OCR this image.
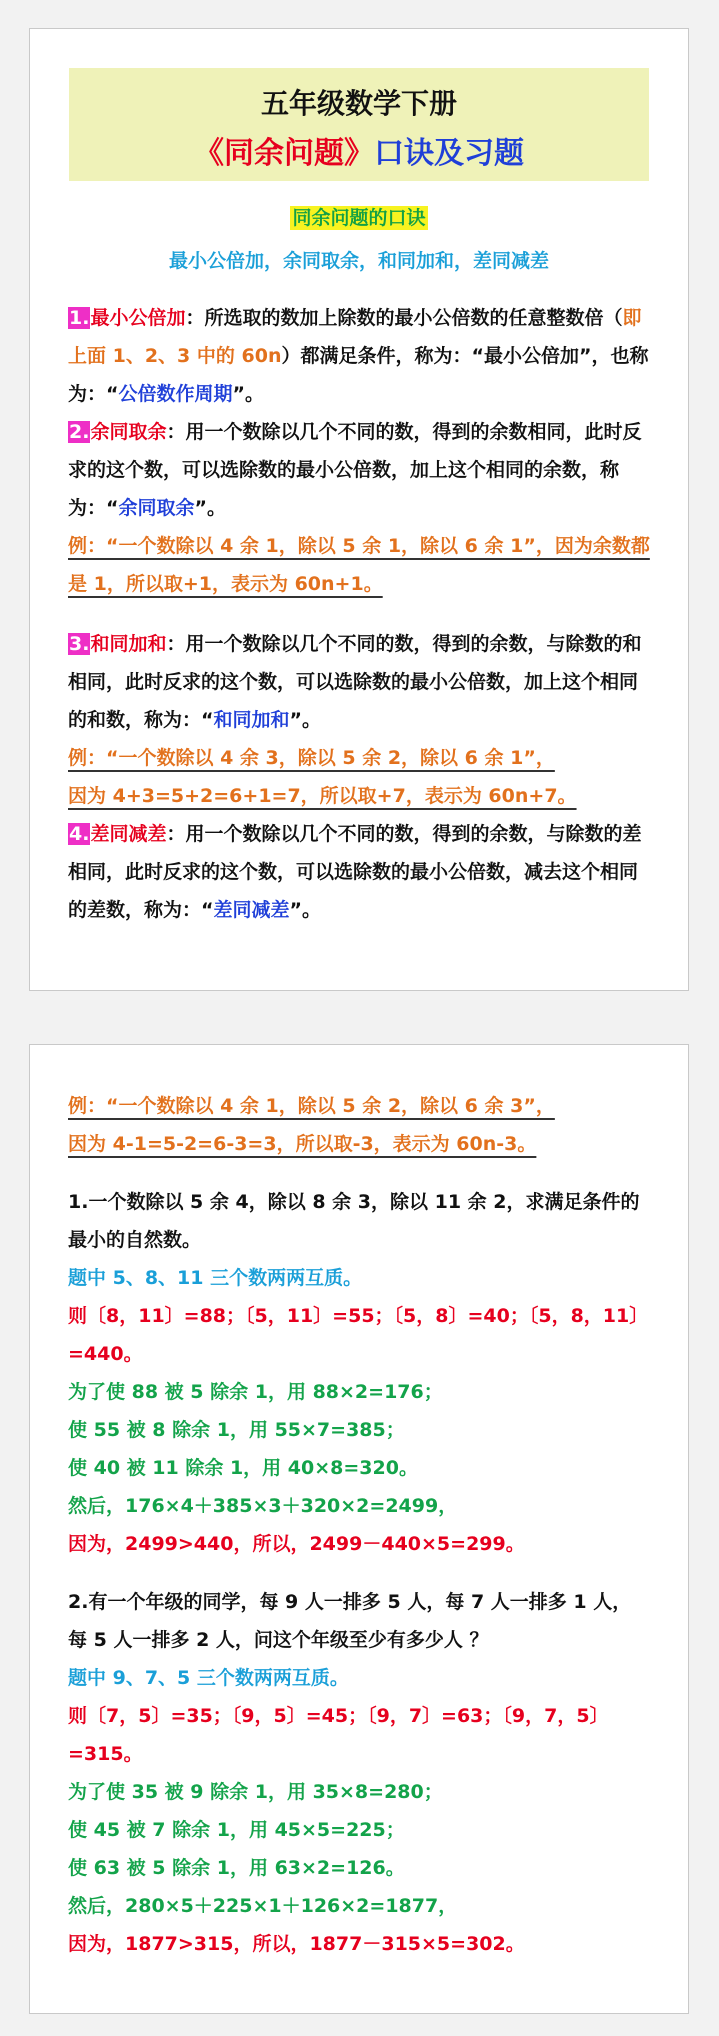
五年级数学下册
《同余问题》口诀及习题
同余问题的口诀
最小公倍加，余同取余，和同加和，差同减差
1.最小公倍加：所选取的数加上除数的最小公倍数的任意整数倍（即上面 1、2、3 中的 60n）都满足条件，称为：“最小公倍加”，也称为：“公倍数作周期”。
2.余同取余：用一个数除以几个不同的数，得到的余数相同，此时反求的这个数，可以选除数的最小公倍数，加上这个相同的余数，称为：“余同取余”。
例：“一个数除以 4 余 1，除以 5 余 1，除以 6 余 1”，因为余数都是 1，所以取+1，表示为 60n+1。
3.和同加和：用一个数除以几个不同的数，得到的余数，与除数的和相同，此时反求的这个数，可以选除数的最小公倍数，加上这个相同的和数，称为：“和同加和”。
例：“一个数除以 4 余 3，除以 5 余 2，除以 6 余 1”，
因为 4+3=5+2=6+1=7，所以取+7，表示为 60n+7。
4.差同减差：用一个数除以几个不同的数，得到的余数，与除数的差相同，此时反求的这个数，可以选除数的最小公倍数，减去这个相同的差数，称为：“差同减差”。
例：“一个数除以 4 余 1，除以 5 余 2，除以 6 余 3”，
因为 4-1=5-2=6-3=3，所以取-3，表示为 60n-3。
1.一个数除以 5 余 4，除以 8 余 3，除以 11 余 2，求满足条件的最小的自然数。
题中 5、8、11 三个数两两互质。
则〔8，11〕=88；〔5，11〕=55；〔5，8〕=40；〔5，8，11〕=440。
为了使 88 被 5 除余 1，用 88×2=176；
使 55 被 8 除余 1，用 55×7=385；
使 40 被 11 除余 1，用 40×8=320。
然后，176×4＋385×3＋320×2=2499，
因为，2499>440，所以，2499－440×5=299。
2.有一个年级的同学，每 9 人一排多 5 人，每 7 人一排多 1 人，每 5 人一排多 2 人，问这个年级至少有多少人 ？
题中 9、7、5 三个数两两互质。
则〔7，5〕=35；〔9，5〕=45；〔9，7〕=63；〔9，7，5〕=315。
为了使 35 被 9 除余 1，用 35×8=280；
使 45 被 7 除余 1，用 45×5=225；
使 63 被 5 除余 1，用 63×2=126。
然后，280×5＋225×1＋126×2=1877，
因为，1877>315，所以，1877－315×5=302。
